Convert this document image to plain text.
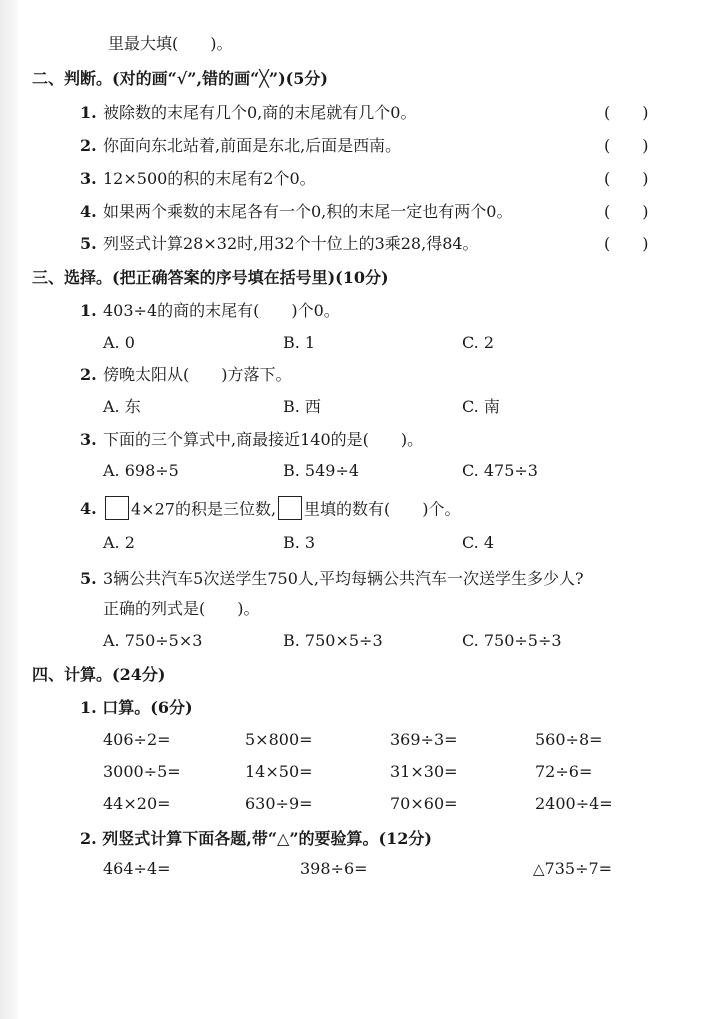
里最大填(　　)。
二、判断。(对的画“√”,错的画“╳”)(5分)
1. 被除数的末尾有几个0,商的末尾就有几个0。	(　　)
2. 你面向东北站着,前面是东北,后面是西南。	(　　)
3. 12×500的积的末尾有2个0。	(　　)
4. 如果两个乘数的末尾各有一个0,积的末尾一定也有两个0。	(　　)
5. 列竖式计算28×32时,用32个十位上的3乘28,得84。	(　　)
三、选择。(把正确答案的序号填在括号里)(10分)
1. 403÷4的商的末尾有(　　)个0。
A. 0	B. 1	C. 2
2. 傍晚太阳从(　　)方落下。
A. 东	B. 西	C. 南
3. 下面的三个算式中,商最接近140的是(　　)。
A. 698÷5	B. 549÷4	C. 475÷3
4.	4×27的积是三位数, 里填的数有(　　)个。
A. 2	B. 3	C. 4
5. 3辆公共汽车5次送学生750人,平均每辆公共汽车一次送学生多少人?
正确的列式是(　　)。
A. 750÷5×3	B. 750×5÷3	C. 750÷5÷3
四、计算。(24分)
1. 口算。(6分)
406÷2=	5×800=	369÷3=	560÷8=
3000÷5=	14×50=	31×30=	72÷6=
44×20=	630÷9=	70×60=	2400÷4=
2. 列竖式计算下面各题,带“△”的要验算。(12分)
464÷4=	398÷6=	△735÷7=
